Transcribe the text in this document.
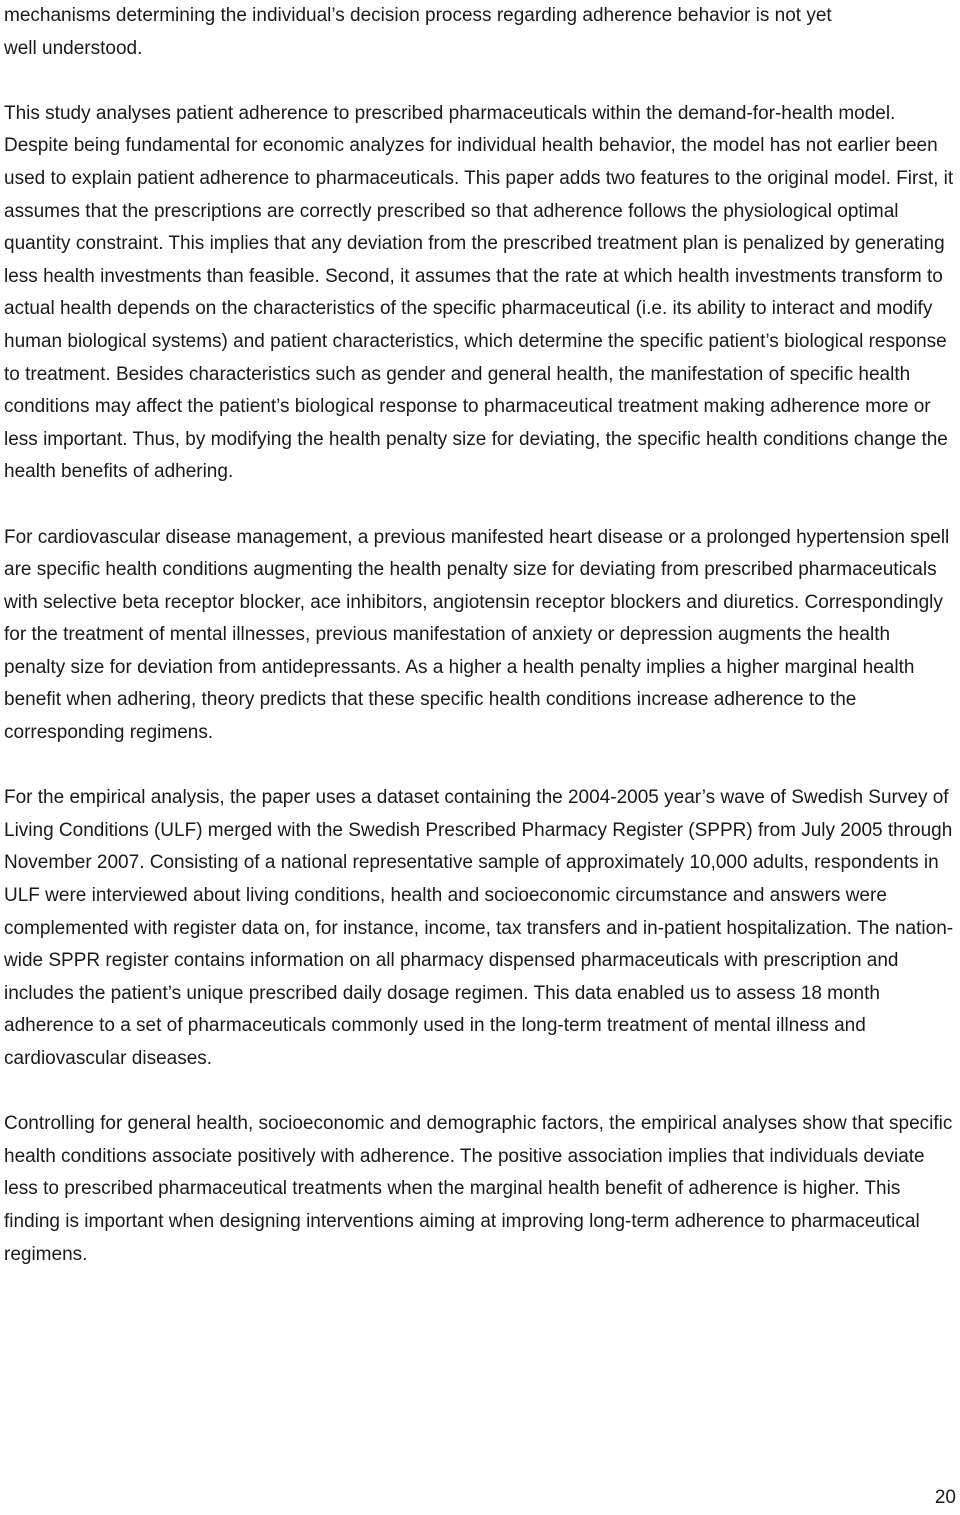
mechanisms determining the individual’s decision process regarding adherence behavior is not yet
well understood.

This study analyses patient adherence to prescribed pharmaceuticals within the demand-for-health model. Despite being fundamental for economic analyzes for individual health behavior, the model has not earlier been used to explain patient adherence to pharmaceuticals. This paper adds two features to the original model. First, it assumes that the prescriptions are correctly prescribed so that adherence follows the physiological optimal quantity constraint. This implies that any deviation from the prescribed treatment plan is penalized by generating less health investments than feasible. Second, it assumes that the rate at which health investments transform to actual health depends on the characteristics of the specific pharmaceutical (i.e. its ability to interact and modify human biological systems) and patient characteristics, which determine the specific patient’s biological response to treatment. Besides characteristics such as gender and general health, the manifestation of specific health conditions may affect the patient’s biological response to pharmaceutical treatment making adherence more or less important. Thus, by modifying the health penalty size for deviating, the specific health conditions change the health benefits of adhering.

For cardiovascular disease management, a previous manifested heart disease or a prolonged hypertension spell are specific health conditions augmenting the health penalty size for deviating from prescribed pharmaceuticals with selective beta receptor blocker, ace inhibitors, angiotensin receptor blockers and diuretics. Correspondingly for the treatment of mental illnesses, previous manifestation of anxiety or depression augments the health penalty size for deviation from antidepressants. As a higher a health penalty implies a higher marginal health benefit when adhering, theory predicts that these specific health conditions increase adherence to the corresponding regimens.

For the empirical analysis, the paper uses a dataset containing the 2004-2005 year’s wave of Swedish Survey of Living Conditions (ULF) merged with the Swedish Prescribed Pharmacy Register (SPPR) from July 2005 through November 2007. Consisting of a national representative sample of approximately 10,000 adults, respondents in ULF were interviewed about living conditions, health and socioeconomic circumstance and answers were complemented with register data on, for instance, income, tax transfers and in-patient hospitalization. The nation-wide SPPR register contains information on all pharmacy dispensed pharmaceuticals with prescription and includes the patient’s unique prescribed daily dosage regimen. This data enabled us to assess 18 month adherence to a set of pharmaceuticals commonly used in the long-term treatment of mental illness and cardiovascular diseases.

Controlling for general health, socioeconomic and demographic factors, the empirical analyses show that specific health conditions associate positively with adherence. The positive association implies that individuals deviate less to prescribed pharmaceutical treatments when the marginal health benefit of adherence is higher. This finding is important when designing interventions aiming at improving long-term adherence to pharmaceutical regimens.

20
